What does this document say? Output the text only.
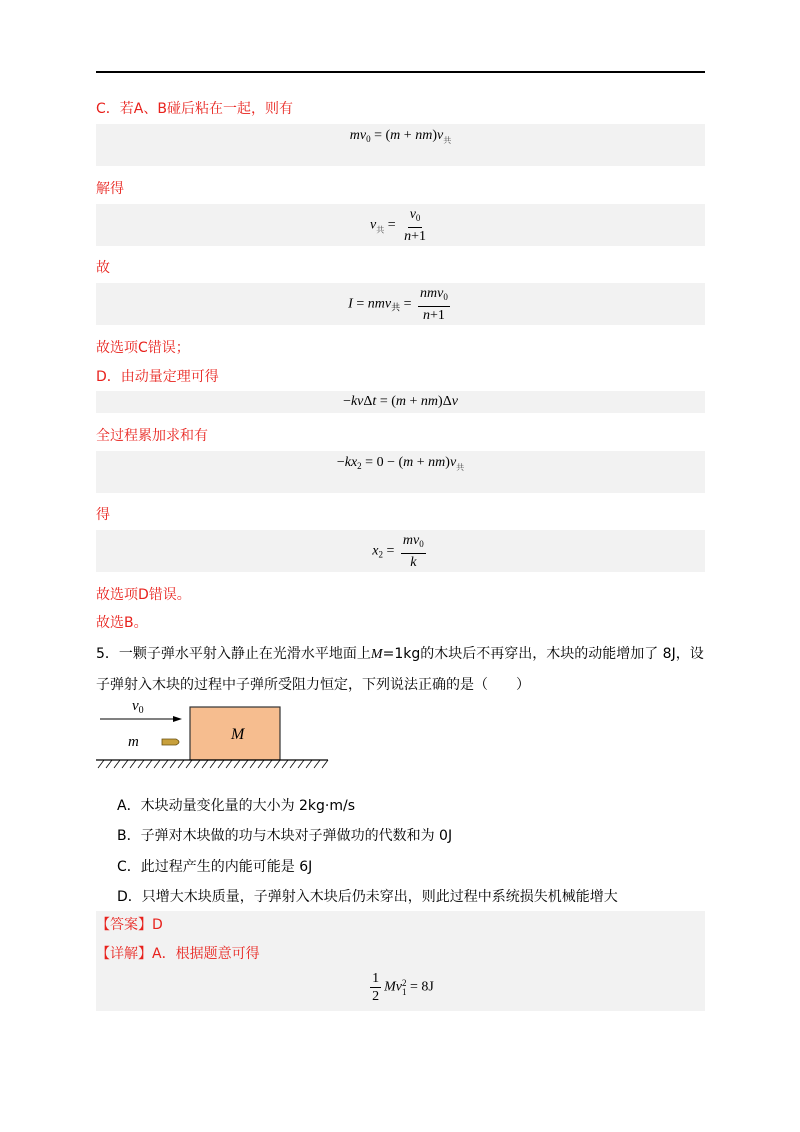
C．若A、B碰后粘在一起，则有
$mv_0 = (m + nm)v_共$
解得
$v_共 = \frac{v_0}{n+1}$
故
$I = nmv_共 = \frac{nmv_0}{n+1}$
故选项C错误；
D．由动量定理可得
−kvΔt = (m + nm)Δv
全过程累加求和有
$-kx_2 = 0 - (m + nm)v_共$
得
$x_2 = \frac{mv_0}{k}$
故选项D错误。
故选B。
5．一颗子弹水平射入静止在光滑水平地面上M=1kg的木块后不再穿出，木块的动能增加了 8J，设子弹射入木块的过程中子弹所受阻力恒定，下列说法正确的是（　　）
$v_0$
m	M
A．木块动量变化量的大小为 2kg·m/s
B．子弹对木块做的功与木块对子弹做功的代数和为 0J
C．此过程产生的内能可能是 6J
D．只增大木块质量，子弹射入木块后仍未穿出，则此过程中系统损失机械能增大
【答案】D
【详解】A．根据题意可得
$\frac{1}{2}$ Mv 2
1 = 8J
